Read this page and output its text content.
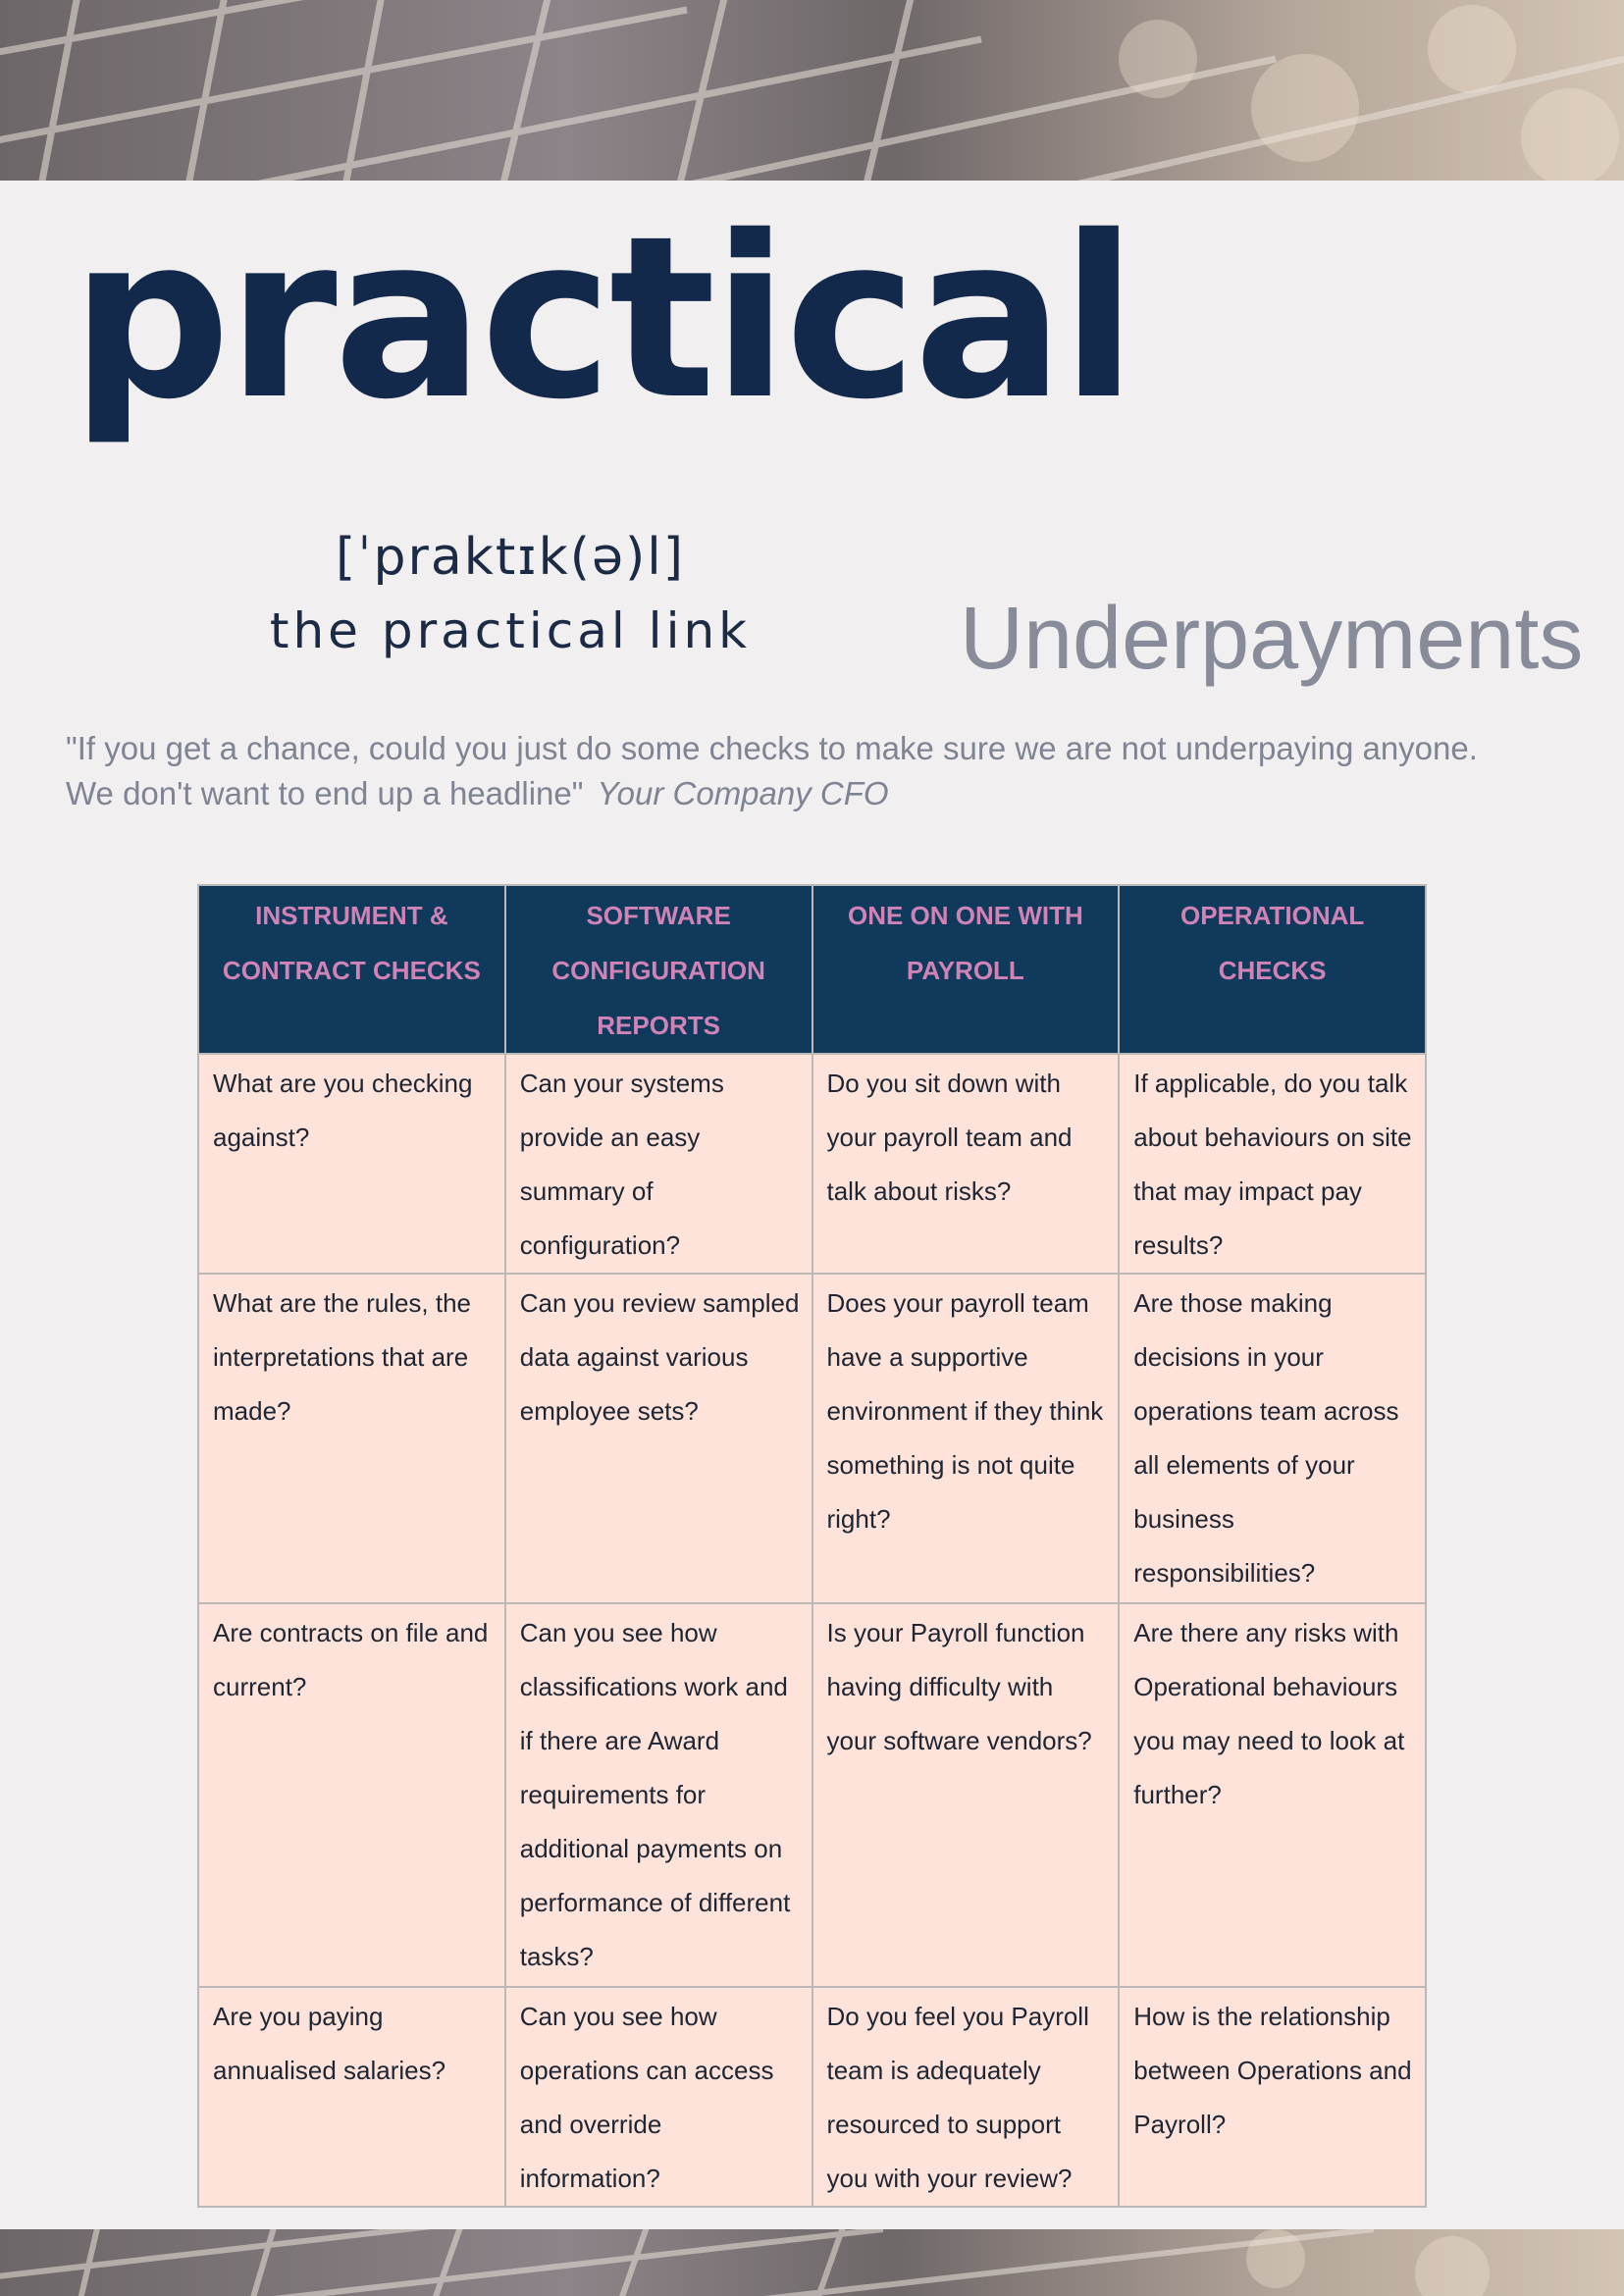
practical
[ˈpraktɪk(ə)l]
the practical link	Underpayments
"If you get a chance, could you just do some checks to make sure we are not underpaying anyone. We don't want to end up a headline" Your Company CFO
INSTRUMENT & CONTRACT CHECKS	SOFTWARE CONFIGURATION REPORTS	ONE ON ONE WITH PAYROLL	OPERATIONAL CHECKS
What are you checking against?	Can your systems provide an easy summary of configuration?	Do you sit down with your payroll team and talk about risks?	If applicable, do you talk about behaviours on site that may impact pay results?
What are the rules, the interpretations that are made?	Can you review sampled data against various employee sets?	Does your payroll team have a supportive environment if they think something is not quite right?	Are those making decisions in your operations team across all elements of your business responsibilities?
Are contracts on file and current?	Can you see how classifications work and if there are Award requirements for additional payments on performance of different tasks?	Is your Payroll function having difficulty with your software vendors?	Are there any risks with Operational behaviours you may need to look at further?
Are you paying annualised salaries?	Can you see how operations can access and override information?	Do you feel you Payroll team is adequately resourced to support you with your review?	How is the relationship between Operations and Payroll?
